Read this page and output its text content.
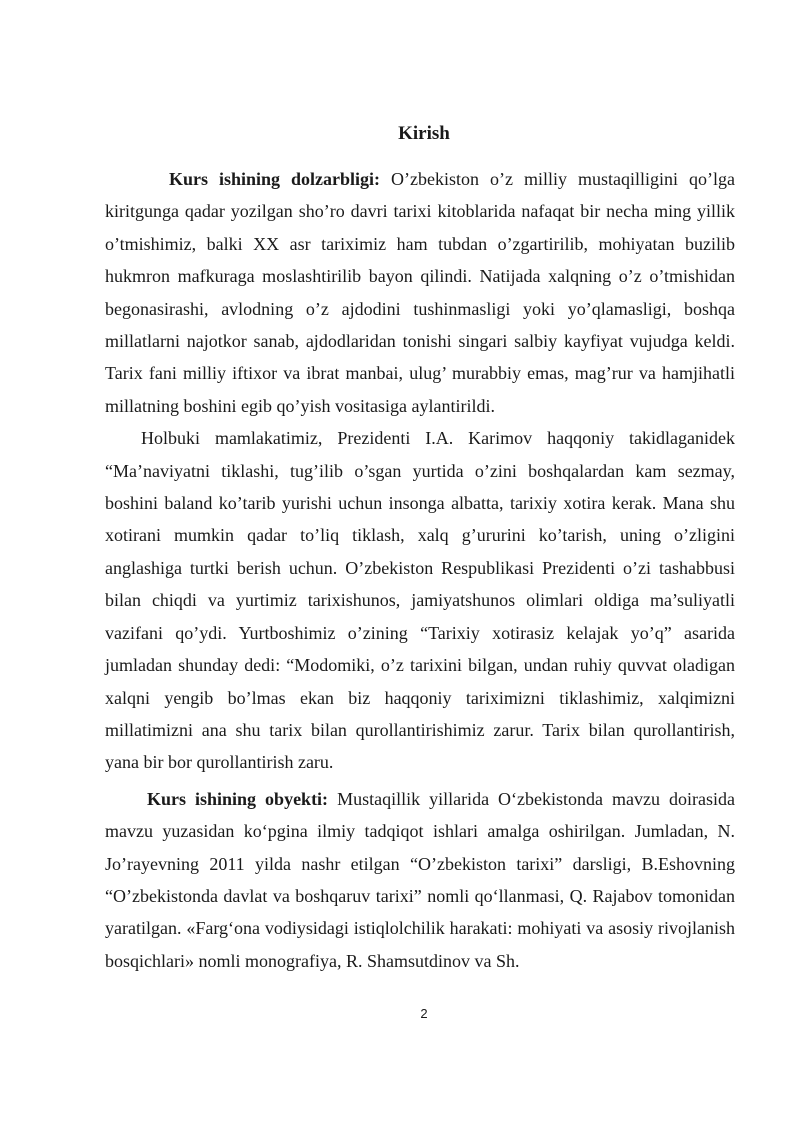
Kirish

Kurs ishining dolzarbligi: O’zbekiston o’z milliy mustaqilligini qo’lga kiritgunga qadar yozilgan sho’ro davri tarixi kitoblarida nafaqat bir necha ming yillik o’tmishimiz, balki XX asr tariximiz ham tubdan o’zgartirilib, mohiyatan buzilib hukmron mafkuraga moslashtirilib bayon qilindi. Natijada xalqning o’z o’tmishidan begonasirashi, avlodning o’z ajdodini tushinmasligi yoki yo’qlamasligi, boshqa millatlarni najotkor sanab, ajdodlaridan tonishi singari salbiy kayfiyat vujudga keldi. Tarix fani milliy iftixor va ibrat manbai, ulug’ murabbiy emas, mag’rur va hamjihatli millatning boshini egib qo’yish vositasiga aylantirildi.

Holbuki mamlakatimiz, Prezidenti I.A. Karimov haqqoniy takidlaganidek “Ma’naviyatni tiklashi, tug’ilib o’sgan yurtida o’zini boshqalardan kam sezmay, boshini baland ko’tarib yurishi uchun insonga albatta, tarixiy xotira kerak. Mana shu xotirani mumkin qadar to’liq tiklash, xalq g’ururini ko’tarish, uning o’zligini anglashiga turtki berish uchun. O’zbekiston Respublikasi Prezidenti o’zi tashabbusi bilan chiqdi va yurtimiz tarixishunos, jamiyatshunos olimlari oldiga ma’suliyatli vazifani qo’ydi. Yurtboshimiz o’zining “Tarixiy xotirasiz kelajak yo’q” asarida jumladan shunday dedi: “Modomiki, o’z tarixini bilgan, undan ruhiy quvvat oladigan xalqni yengib bo’lmas ekan biz haqqoniy tariximizni tiklashimiz, xalqimizni millatimizni ana shu tarix bilan qurollantirishimiz zarur. Tarix bilan qurollantirish, yana bir bor qurollantirish zaru.

Kurs ishining obyekti: Mustaqillik yillarida O‘zbekistonda mavzu doirasida mavzu yuzasidan ko‘pgina ilmiy tadqiqot ishlari amalga oshirilgan. Jumladan, N. Jo’rayevning 2011 yilda nashr etilgan “O’zbekiston tarixi” darsligi, B.Eshovning “O’zbekistonda davlat va boshqaruv tarixi” nomli qo‘llanmasi, Q. Rajabov tomonidan yaratilgan. «Farg‘ona vodiysidagi istiqlolchilik harakati: mohiyati va asosiy rivojlanish bosqichlari» nomli monografiya, R. Shamsutdinov va Sh.

2
